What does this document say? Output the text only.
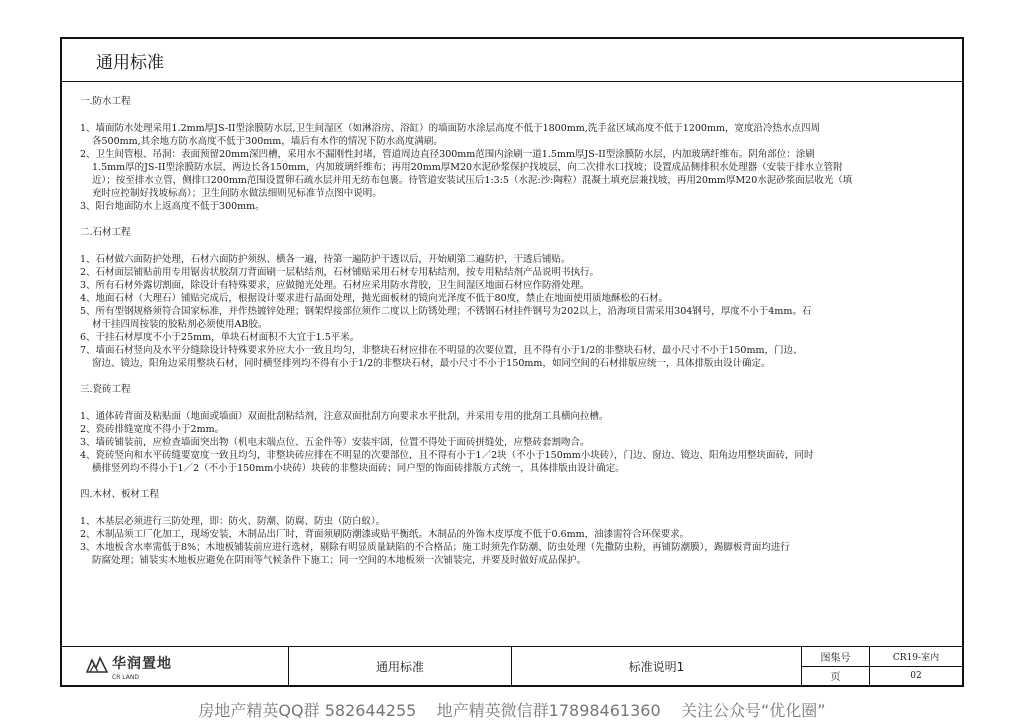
通用标准
一.防水工程
1、墙面防水处理采用1.2mm厚JS-II型涂膜防水层,卫生间湿区（如淋浴房、浴缸）的墙面防水涂层高度不低于1800mm,洗手盆区域高度不低于1200mm，宽度沿冷热水点四周
各500mm,其余地方防水高度不低于300mm，墙后有木作的情况下防水高度满刷。
2、卫生间管根、吊洞：表面预留20mm深凹槽，采用水不漏刚性封堵，管道周边直径300mm范围内涂刷一道1.5mm厚JS-II型涂膜防水层，内加玻璃纤维布。阴角部位：涂刷
1.5mm厚的JS-II型涂膜防水层，两边长各150mm，内加玻璃纤维布；再用20mm厚M20水泥砂浆保护找坡层，向二次排水口找坡；设置成品侧排积水处理器（安装于排水立管附
近）；按至排水立管，侧排口200mm范围设置卵石疏水层并用无纺布包裹。待管道安装试压后1:3:5（水泥:沙:陶粒）混凝土填充层兼找坡，再用20mm厚M20水泥砂浆面层收光（填
充时应控制好找坡标高）；卫生间防水做法细则见标准节点图中说明。
3、阳台地面防水上返高度不低于300mm。
二.石材工程
1、石材做六面防护处理，石材六面防护须纵、横各一遍，待第一遍防护干透以后，开始刷第二遍防护，干透后铺贴。
2、石材面层铺贴前用专用锯齿状胶刮刀背面刷一层粘结剂，石材铺贴采用石材专用粘结剂，按专用粘结剂产品说明书执行。
3、所有石材外露切割面，除设计有特殊要求，应做抛光处理。石材应采用防水背胶，卫生间湿区地面石材应作防滑处理。
4、地面石材（大理石）铺贴完成后，根据设计要求进行晶面处理，抛光面板材的镜向光泽度不低于80度，禁止在地面使用质地酥松的石材。
5、所有型钢规格须符合国家标准，并作热镀锌处理；钢架焊接部位须作二度以上防锈处理；不锈钢石材挂件钢号为202以上，沿海项目需采用304钢号，厚度不小于4mm。石
材干挂四周按装的胶粘剂必须使用AB胶。
6、干挂石材厚度不小于25mm，单块石材面积不大宜于1.5平米。
7、墙面石材竖向及水平分缝除设计特殊要求外应大小一致且均匀，非整块石材应排在不明显的次要位置，且不得有小于1/2的非整块石材，最小尺寸不小于150mm，门边、
窗边、镜边，阳角边采用整块石材，同时横竖排列均不得有小于1/2的非整块石材，最小尺寸不小于150mm，如同空间的石材排版应统一，具体排版由设计确定。
三.瓷砖工程
1、通体砖背面及粘贴面（地面或墙面）双面批刮粘结剂，注意双面批刮方向要求水平批刮，并采用专用的批刮工具横向拉槽。
2、瓷砖排缝宽度不得小于2mm。
3、墙砖铺装前，应检查墙面突出物（机电末端点位、五金件等）安装牢固，位置不得处于面砖拼缝处，应整砖套割吻合。
4、瓷砖竖向和水平砖缝要宽度一致且均匀，非整块砖应排在不明显的次要部位，且不得有小于1／2块（不小于150mm小块砖），门边、窗边、镜边、阳角边用整块面砖，同时
横排竖列均不得小于1／2（不小于150mm小块砖）块砖的非整块面砖；同户型的饰面砖排版方式统一，具体排版由设计确定。
四.木材、板材工程
1、木基层必须进行三防处理，即：防火、防潮、防腐、防虫（防白蚁）。
2、木制品须工厂化加工，现场安装，木制品出厂时，背面须刷防潮漆或贴平衡纸。木制品的外饰木皮厚度不低于0.6mm，油漆需符合环保要求。
3、木地板含水率需低于8%；木地板铺装前应进行选材，剔除有明显质量缺陷的不合格品；施工时须先作防潮、防虫处理（先撒防虫粉，再铺防潮膜），踢脚板背面均进行
防腐处理；铺装实木地板应避免在阴雨等气候条件下施工；同一空间的木地板须一次铺装完，并要及时做好成品保护。
华润置地
CR LAND
通用标准	标准说明1
图集号
页
CR19-室内
02
房地产精英QQ群 582644255    地产精英微信群17898461360    关注公众号“优化圈”
